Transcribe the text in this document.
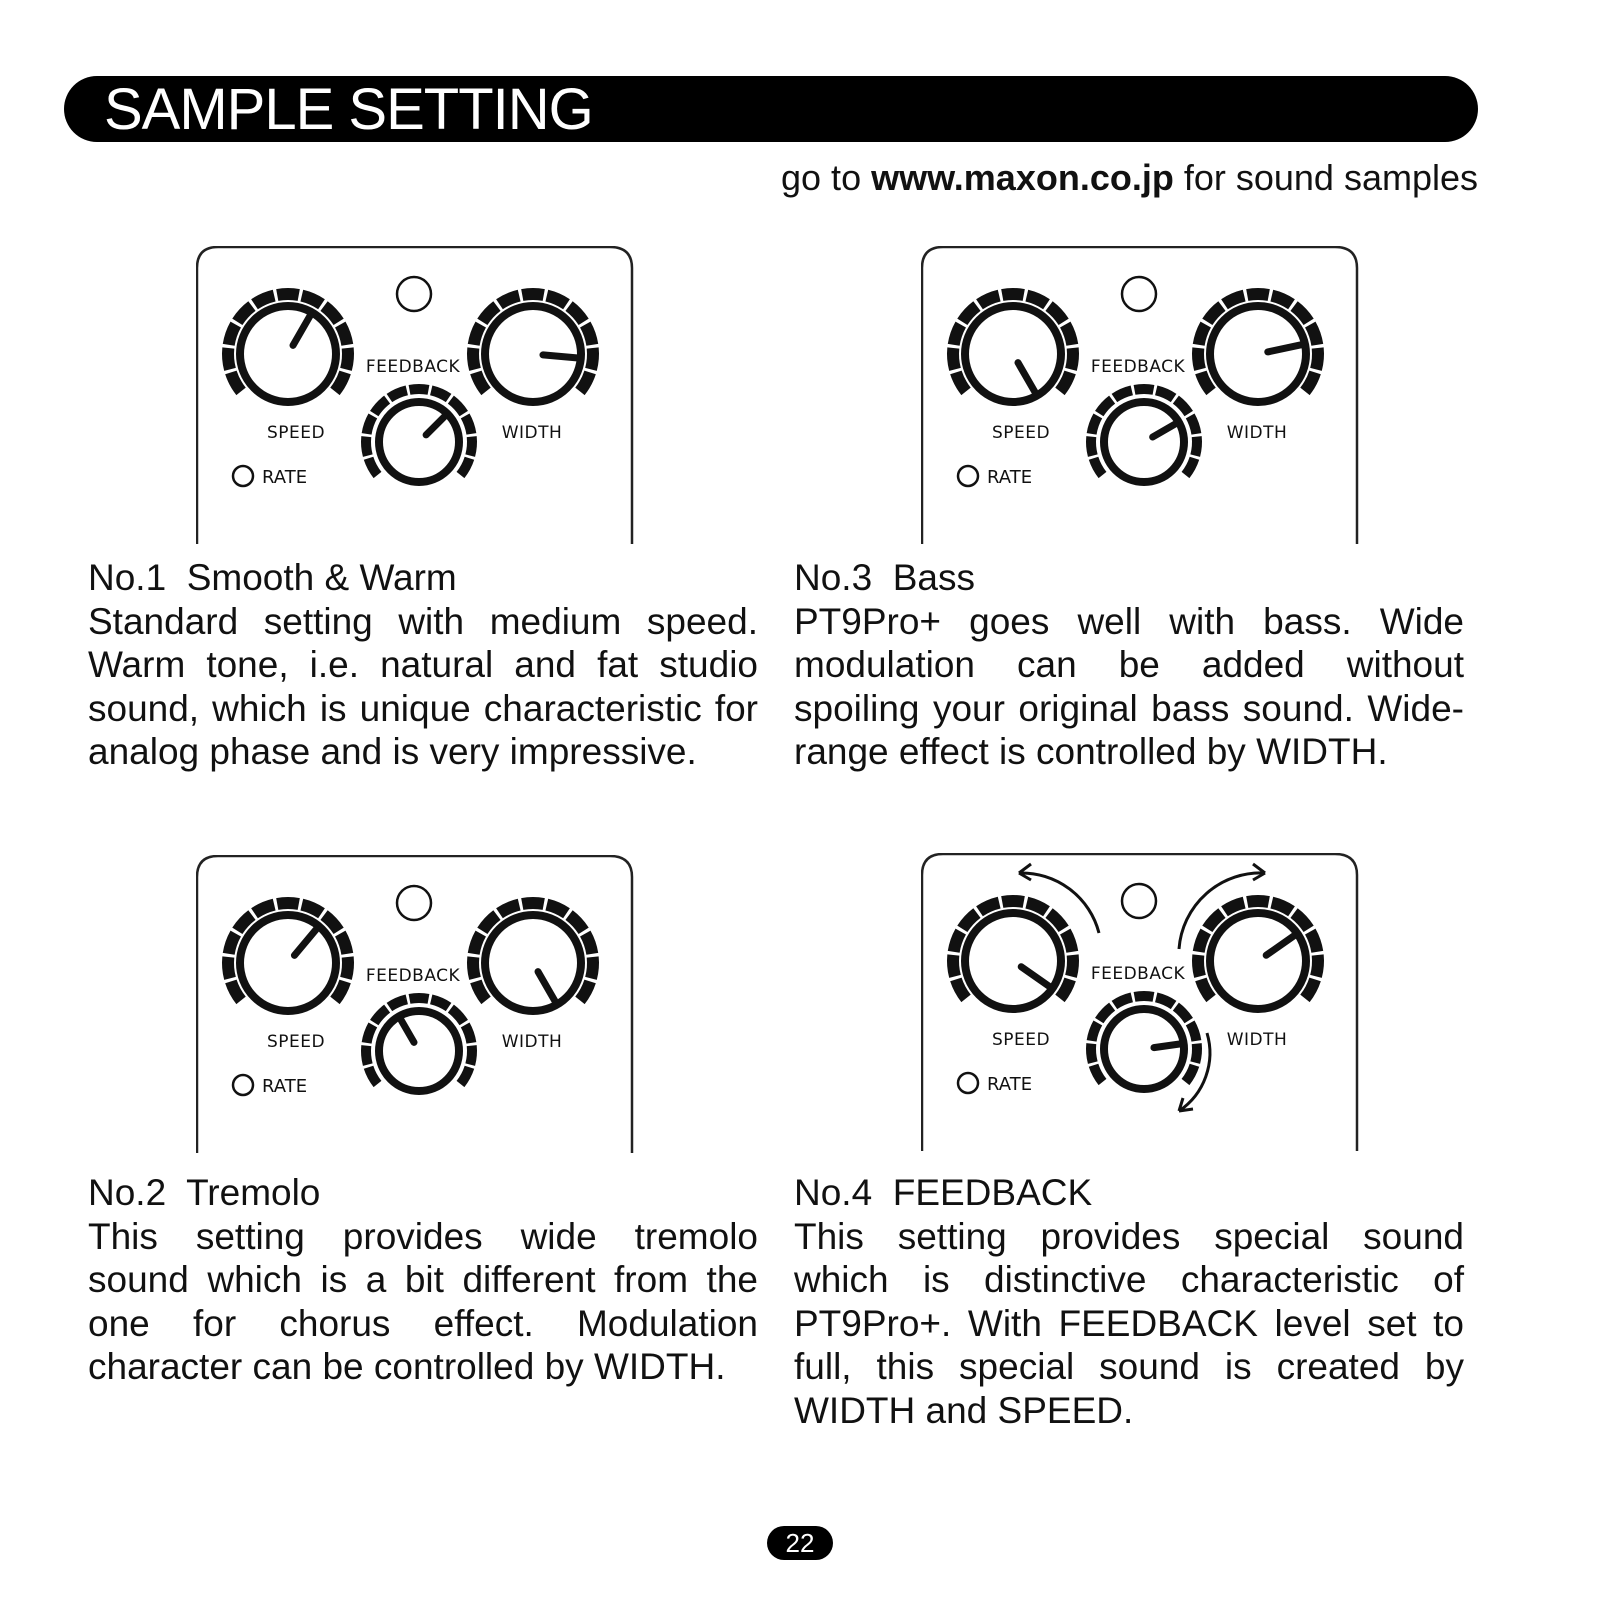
SAMPLE SETTING
go to www.maxon.co.jp for sound samples
FEEDBACK
SPEED	WIDTH
RATE
FEEDBACK
SPEED	WIDTH
RATE
FEEDBACK
SPEED	WIDTH
RATE
FEEDBACK
SPEED	WIDTH
RATE
No.1 Smooth & Warm

Standard setting with medium speed. Warm tone, i.e. natural and fat studio sound, which is unique characteristic for analog phase and is very impressive.

No.3 Bass

PT9Pro+ goes well with bass. Wide modulation can be added without spoiling your original bass sound. Wide-range effect is controlled by WIDTH.

No.2 Tremolo

This setting provides wide tremolo sound which is a bit different from the one for chorus effect. Modulation character can be controlled by WIDTH.

No.4 FEEDBACK

This setting provides special sound which is distinctive characteristic of PT9Pro+. With FEEDBACK level set to full, this special sound is created by WIDTH and SPEED.

22
